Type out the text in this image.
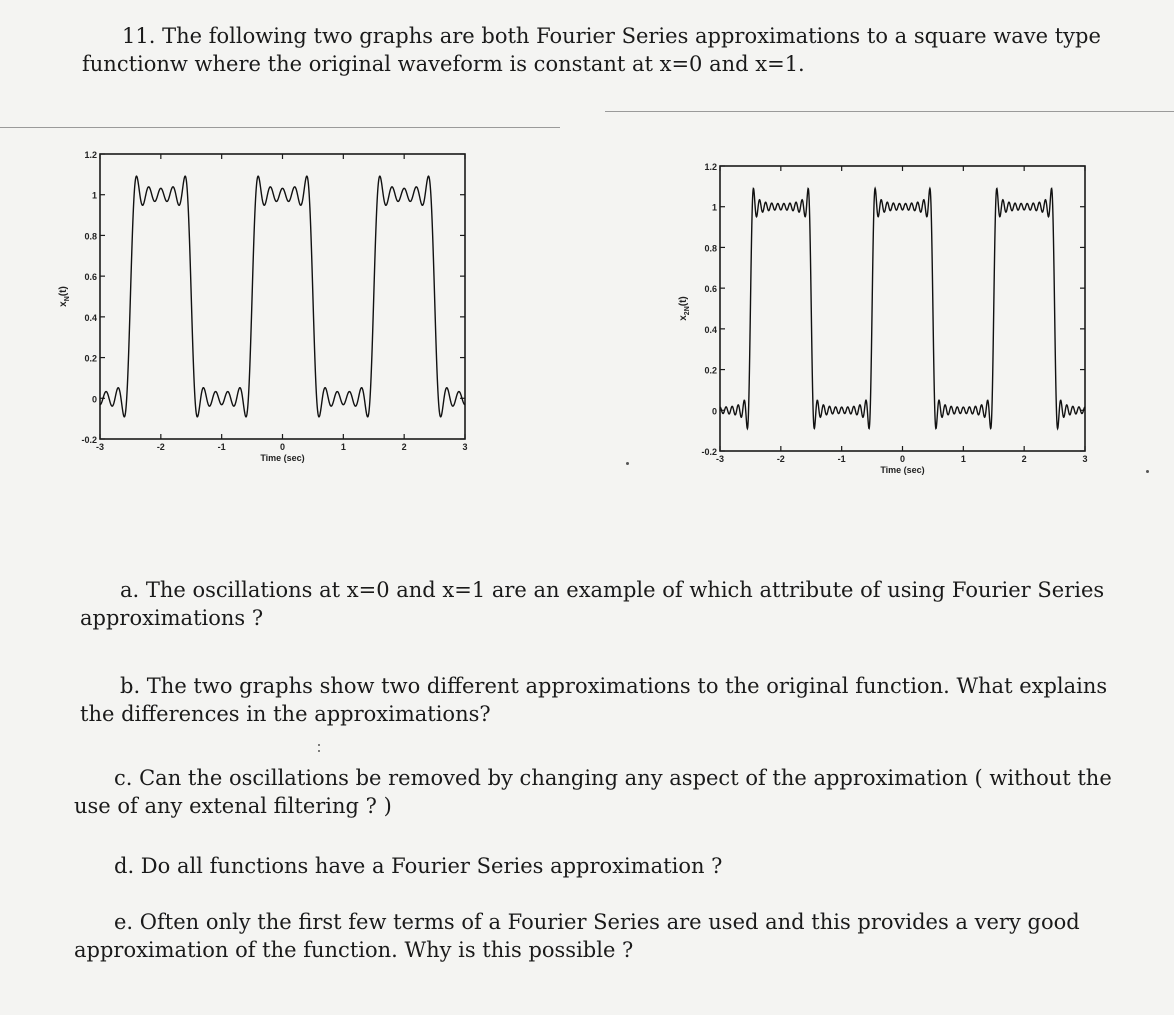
11. The following two graphs are both Fourier Series approximations to a square wave type

functionw where the original waveform is constant at x=0 and x=1.

-0.2
0
0.2
0.4
0.6
0.8
1
1.2
-3	-2	-1	0	1	2	3
Time (sec)
$x_N(t)$
-0.2
0
0.2
0.4
0.6
0.8
1
1.2
-3	-2	-1	0	1	2	3
Time (sec)
$x_{2N}(t)$

a. The oscillations at x=0 and x=1 are an example of which attribute of using Fourier Series

approximations ?

b. The two graphs show two different approximations to the original function. What explains

the differences in the approximations?

c. Can the oscillations be removed by changing any aspect of the approximation ( without the

use of any extenal filtering ? )

d. Do all functions have a Fourier Series approximation ?

e. Often only the first few terms of a Fourier Series are used and this provides a very good

approximation of the function. Why is this possible ?
